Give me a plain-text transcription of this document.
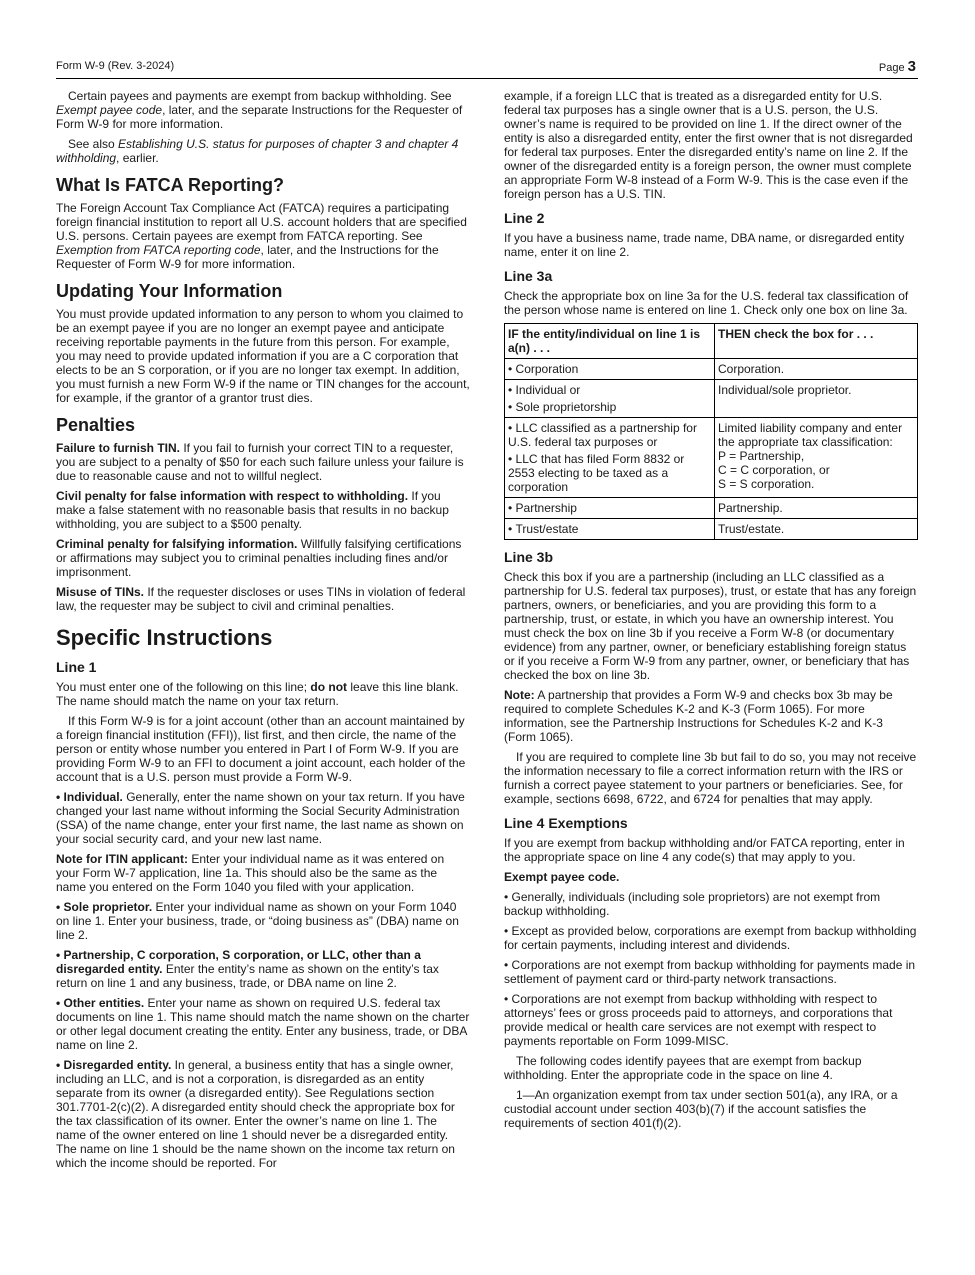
Form W-9 (Rev. 3-2024)	Page 3

Certain payees and payments are exempt from backup withholding. See Exempt payee code, later, and the separate Instructions for the Requester of Form W-9 for more information.

See also Establishing U.S. status for purposes of chapter 3 and chapter 4 withholding, earlier.

What Is FATCA Reporting?

The Foreign Account Tax Compliance Act (FATCA) requires a participating foreign financial institution to report all U.S. account holders that are specified U.S. persons. Certain payees are exempt from FATCA reporting. See Exemption from FATCA reporting code, later, and the Instructions for the Requester of Form W-9 for more information.

Updating Your Information

You must provide updated information to any person to whom you claimed to be an exempt payee if you are no longer an exempt payee and anticipate receiving reportable payments in the future from this person. For example, you may need to provide updated information if you are a C corporation that elects to be an S corporation, or if you are no longer tax exempt. In addition, you must furnish a new Form W-9 if the name or TIN changes for the account, for example, if the grantor of a grantor trust dies.

Penalties

Failure to furnish TIN. If you fail to furnish your correct TIN to a requester, you are subject to a penalty of $50 for each such failure unless your failure is due to reasonable cause and not to willful neglect.

Civil penalty for false information with respect to withholding. If you make a false statement with no reasonable basis that results in no backup withholding, you are subject to a $500 penalty.

Criminal penalty for falsifying information. Willfully falsifying certifications or affirmations may subject you to criminal penalties including fines and/or imprisonment.

Misuse of TINs. If the requester discloses or uses TINs in violation of federal law, the requester may be subject to civil and criminal penalties.

Specific Instructions
Line 1

You must enter one of the following on this line; do not leave this line blank. The name should match the name on your tax return.

If this Form W-9 is for a joint account (other than an account maintained by a foreign financial institution (FFI)), list first, and then circle, the name of the person or entity whose number you entered in Part I of Form W-9. If you are providing Form W-9 to an FFI to document a joint account, each holder of the account that is a U.S. person must provide a Form W-9.

• Individual. Generally, enter the name shown on your tax return. If you have changed your last name without informing the Social Security Administration (SSA) of the name change, enter your first name, the last name as shown on your social security card, and your new last name.

Note for ITIN applicant: Enter your individual name as it was entered on your Form W-7 application, line 1a. This should also be the same as the name you entered on the Form 1040 you filed with your application.

• Sole proprietor. Enter your individual name as shown on your Form 1040 on line 1. Enter your business, trade, or “doing business as” (DBA) name on line 2.

• Partnership, C corporation, S corporation, or LLC, other than a disregarded entity. Enter the entity’s name as shown on the entity’s tax return on line 1 and any business, trade, or DBA name on line 2.

• Other entities. Enter your name as shown on required U.S. federal tax documents on line 1. This name should match the name shown on the charter or other legal document creating the entity. Enter any business, trade, or DBA name on line 2.

• Disregarded entity. In general, a business entity that has a single owner, including an LLC, and is not a corporation, is disregarded as an entity separate from its owner (a disregarded entity). See Regulations section 301.7701-2(c)(2). A disregarded entity should check the appropriate box for the tax classification of its owner. Enter the owner’s name on line 1. The name of the owner entered on line 1 should never be a disregarded entity. The name on line 1 should be the name shown on the income tax return on which the income should be reported. For

example, if a foreign LLC that is treated as a disregarded entity for U.S. federal tax purposes has a single owner that is a U.S. person, the U.S. owner’s name is required to be provided on line 1. If the direct owner of the entity is also a disregarded entity, enter the first owner that is not disregarded for federal tax purposes. Enter the disregarded entity’s name on line 2. If the owner of the disregarded entity is a foreign person, the owner must complete an appropriate Form W-8 instead of a Form W-9. This is the case even if the foreign person has a U.S. TIN.

Line 2

If you have a business name, trade name, DBA name, or disregarded entity name, enter it on line 2.

Line 3a

Check the appropriate box on line 3a for the U.S. federal tax classification of the person whose name is entered on line 1. Check only one box on line 3a.

IF the entity/individual on line 1 is a(n) . . .	THEN check the box for . . .
• Corporation	Corporation.

• Individual or
• Sole proprietorship	Individual/sole proprietor.

• LLC classified as a partnership for U.S. federal tax purposes or
• LLC that has filed Form 8832 or 2553 electing to be taxed as a corporation	Limited liability company and enter the appropriate tax classification:
P = Partnership,
C = C corporation, or
S = S corporation.

• Partnership	Partnership.
• Trust/estate	Trust/estate.
Line 3b

Check this box if you are a partnership (including an LLC classified as a partnership for U.S. federal tax purposes), trust, or estate that has any foreign partners, owners, or beneficiaries, and you are providing this form to a partnership, trust, or estate, in which you have an ownership interest. You must check the box on line 3b if you receive a Form W-8 (or documentary evidence) from any partner, owner, or beneficiary establishing foreign status or if you receive a Form W-9 from any partner, owner, or beneficiary that has checked the box on line 3b.

Note: A partnership that provides a Form W-9 and checks box 3b may be required to complete Schedules K-2 and K-3 (Form 1065). For more information, see the Partnership Instructions for Schedules K-2 and K-3 (Form 1065).

If you are required to complete line 3b but fail to do so, you may not receive the information necessary to file a correct information return with the IRS or furnish a correct payee statement to your partners or beneficiaries. See, for example, sections 6698, 6722, and 6724 for penalties that may apply.

Line 4 Exemptions

If you are exempt from backup withholding and/or FATCA reporting, enter in the appropriate space on line 4 any code(s) that may apply to you.

Exempt payee code.

• Generally, individuals (including sole proprietors) are not exempt from backup withholding.

• Except as provided below, corporations are exempt from backup withholding for certain payments, including interest and dividends.

• Corporations are not exempt from backup withholding for payments made in settlement of payment card or third-party network transactions.

• Corporations are not exempt from backup withholding with respect to attorneys’ fees or gross proceeds paid to attorneys, and corporations that provide medical or health care services are not exempt with respect to payments reportable on Form 1099-MISC.

The following codes identify payees that are exempt from backup withholding. Enter the appropriate code in the space on line 4.

1—An organization exempt from tax under section 501(a), any IRA, or a custodial account under section 403(b)(7) if the account satisfies the requirements of section 401(f)(2).
